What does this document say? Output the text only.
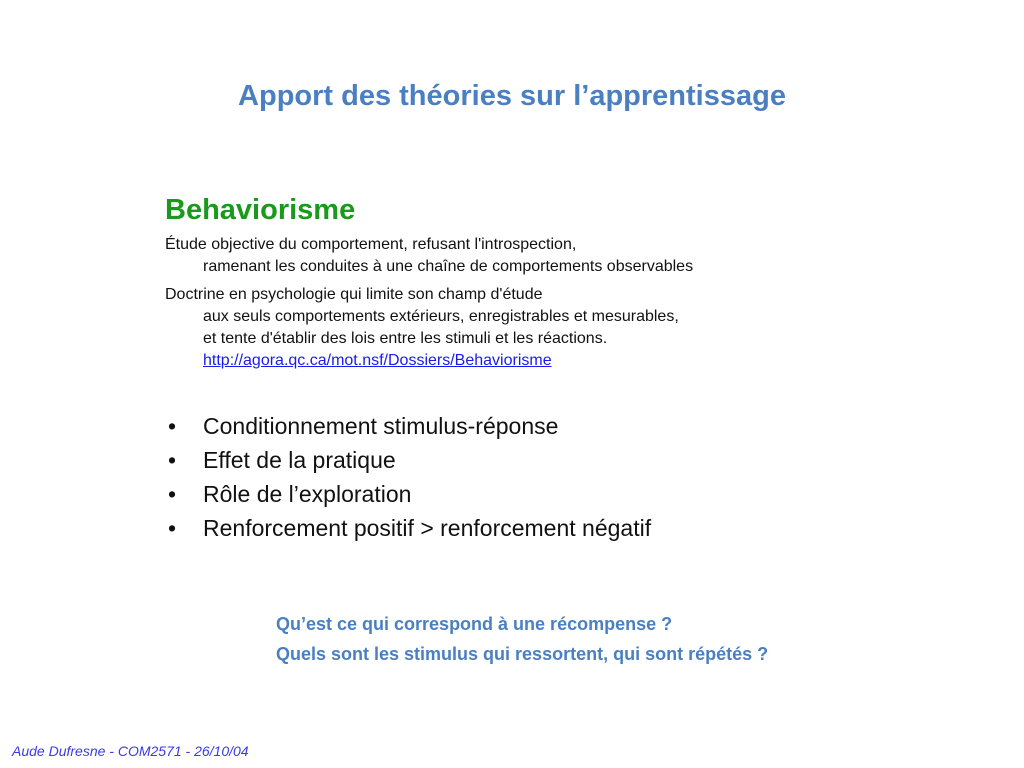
Apport des théories sur l’apprentissage
Behaviorisme

Étude objective du comportement, refusant l'introspection,
ramenant les conduites à une chaîne de comportements observables

Doctrine en psychologie qui limite son champ d'étude
aux seuls comportements extérieurs, enregistrables et mesurables,
et tente d'établir des lois entre les stimuli et les réactions.
http://agora.qc.ca/mot.nsf/Dossiers/Behaviorisme

• Conditionnement stimulus-réponse
• Effet de la pratique
• Rôle de l’exploration
• Renforcement positif > renforcement négatif
Qu’est ce qui correspond à une récompense ?
Quels sont les stimulus qui ressortent, qui sont répétés ?
Aude Dufresne - COM2571 - 26/10/04
